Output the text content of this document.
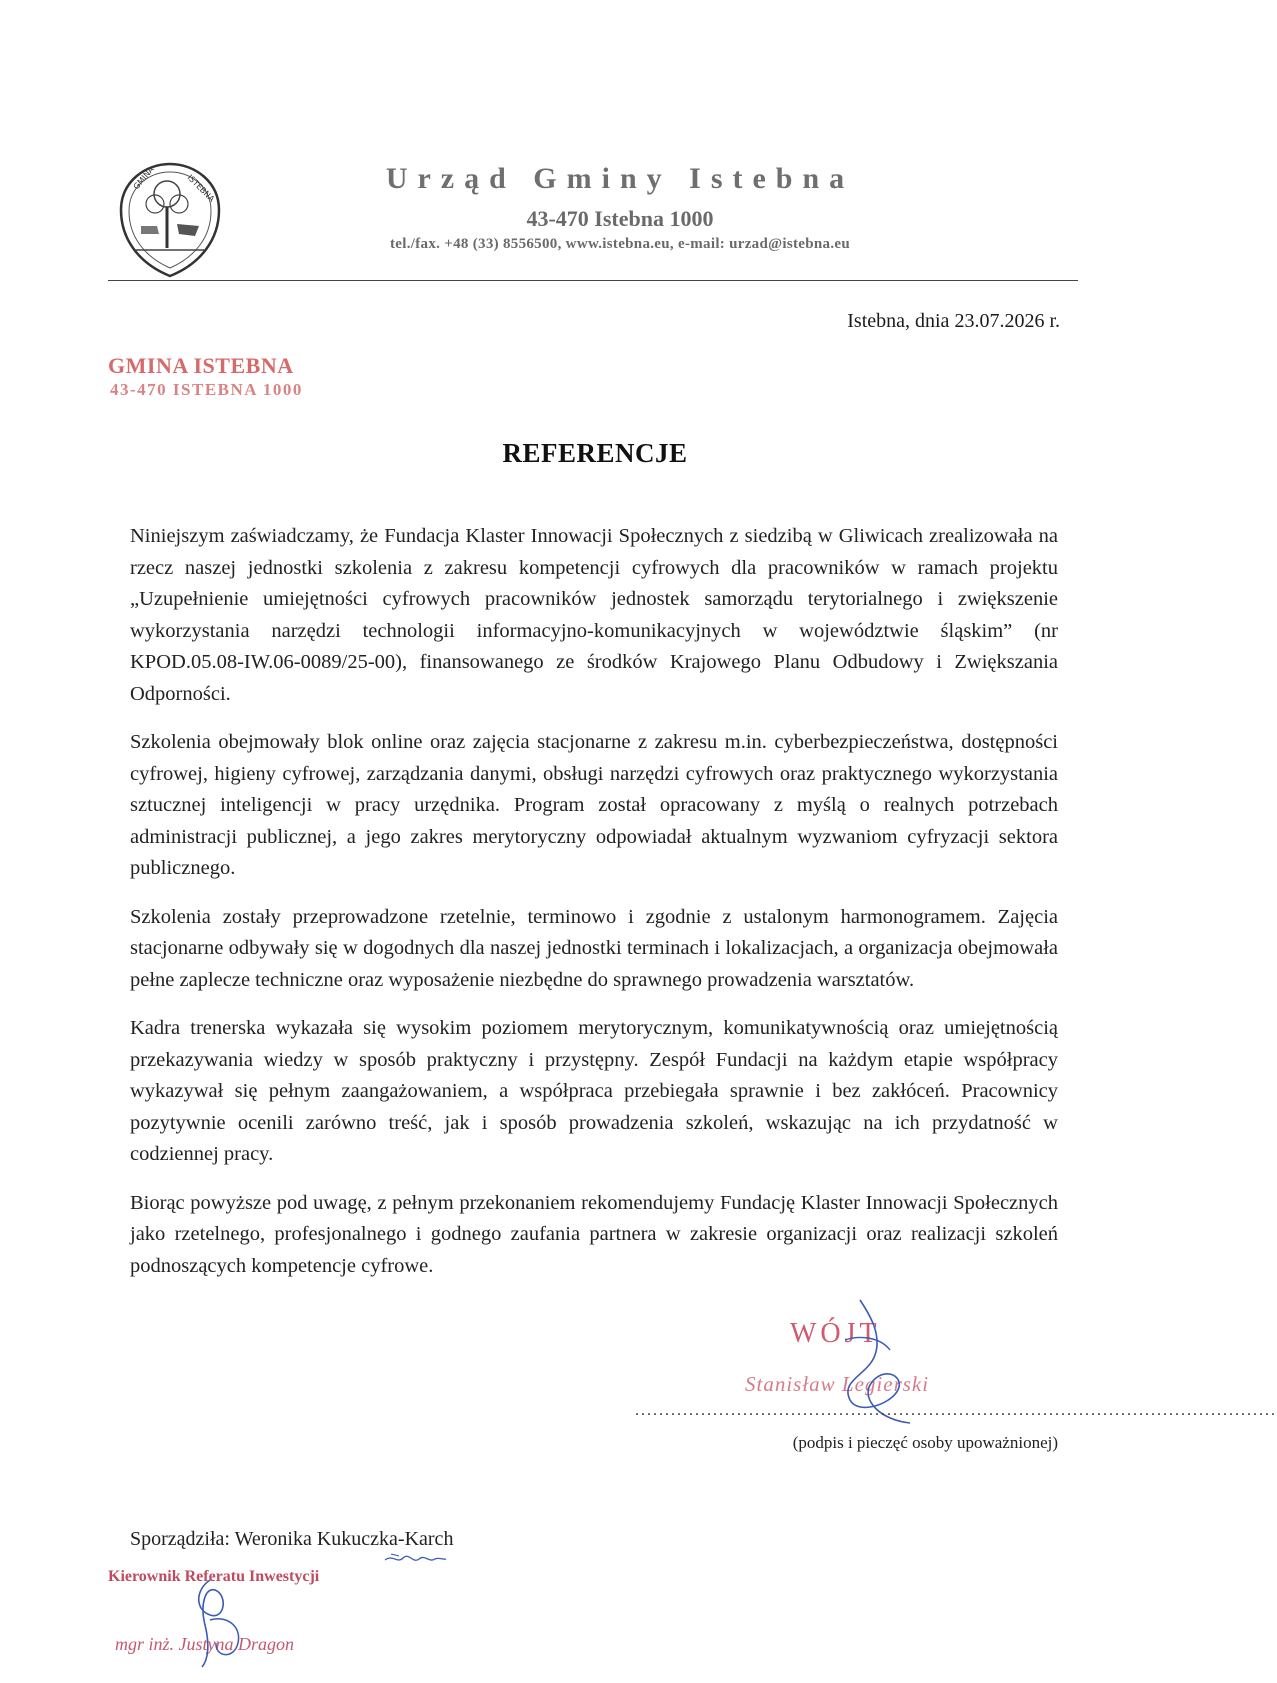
GMINA	ISTEBNA	Urząd Gminy Istebna
43-470 Istebna 1000
tel./fax. +48 (33) 8556500, www.istebna.eu, e-mail: urzad@istebna.eu
Istebna, dnia 23.07.2026 r.
GMINA ISTEBNA
43-470 ISTEBNA 1000
REFERENCJE

Niniejszym zaświadczamy, że Fundacja Klaster Innowacji Społecznych z siedzibą w Gliwicach zrealizowała na rzecz naszej jednostki szkolenia z zakresu kompetencji cyfrowych dla pracowników w ramach projektu „Uzupełnienie umiejętności cyfrowych pracowników jednostek samorządu terytorialnego i zwiększenie wykorzystania narzędzi technologii informacyjno-komunikacyjnych w województwie śląskim” (nr KPOD.05.08-IW.06-0089/25-00), finansowanego ze środków Krajowego Planu Odbudowy i Zwiększania Odporności.

Szkolenia obejmowały blok online oraz zajęcia stacjonarne z zakresu m.in. cyberbezpieczeństwa, dostępności cyfrowej, higieny cyfrowej, zarządzania danymi, obsługi narzędzi cyfrowych oraz praktycznego wykorzystania sztucznej inteligencji w pracy urzędnika. Program został opracowany z myślą o realnych potrzebach administracji publicznej, a jego zakres merytoryczny odpowiadał aktualnym wyzwaniom cyfryzacji sektora publicznego.

Szkolenia zostały przeprowadzone rzetelnie, terminowo i zgodnie z ustalonym harmonogramem. Zajęcia stacjonarne odbywały się w dogodnych dla naszej jednostki terminach i lokalizacjach, a organizacja obejmowała pełne zaplecze techniczne oraz wyposażenie niezbędne do sprawnego prowadzenia warsztatów.

Kadra trenerska wykazała się wysokim poziomem merytorycznym, komunikatywnością oraz umiejętnością przekazywania wiedzy w sposób praktyczny i przystępny. Zespół Fundacji na każdym etapie współpracy wykazywał się pełnym zaangażowaniem, a współpraca przebiegała sprawnie i bez zakłóceń. Pracownicy pozytywnie ocenili zarówno treść, jak i sposób prowadzenia szkoleń, wskazując na ich przydatność w codziennej pracy.

Biorąc powyższe pod uwagę, z pełnym przekonaniem rekomendujemy Fundację Klaster Innowacji Społecznych jako rzetelnego, profesjonalnego i godnego zaufania partnera w zakresie organizacji oraz realizacji szkoleń podnoszących kompetencje cyfrowe.

WÓJT
Stanisław Legierski
...........................................................................................................
(podpis i pieczęć osoby upoważnionej)
Sporządziła: Weronika Kukuczka-Karch
Kierownik Referatu Inwestycji
mgr inż. Justyna Dragon
